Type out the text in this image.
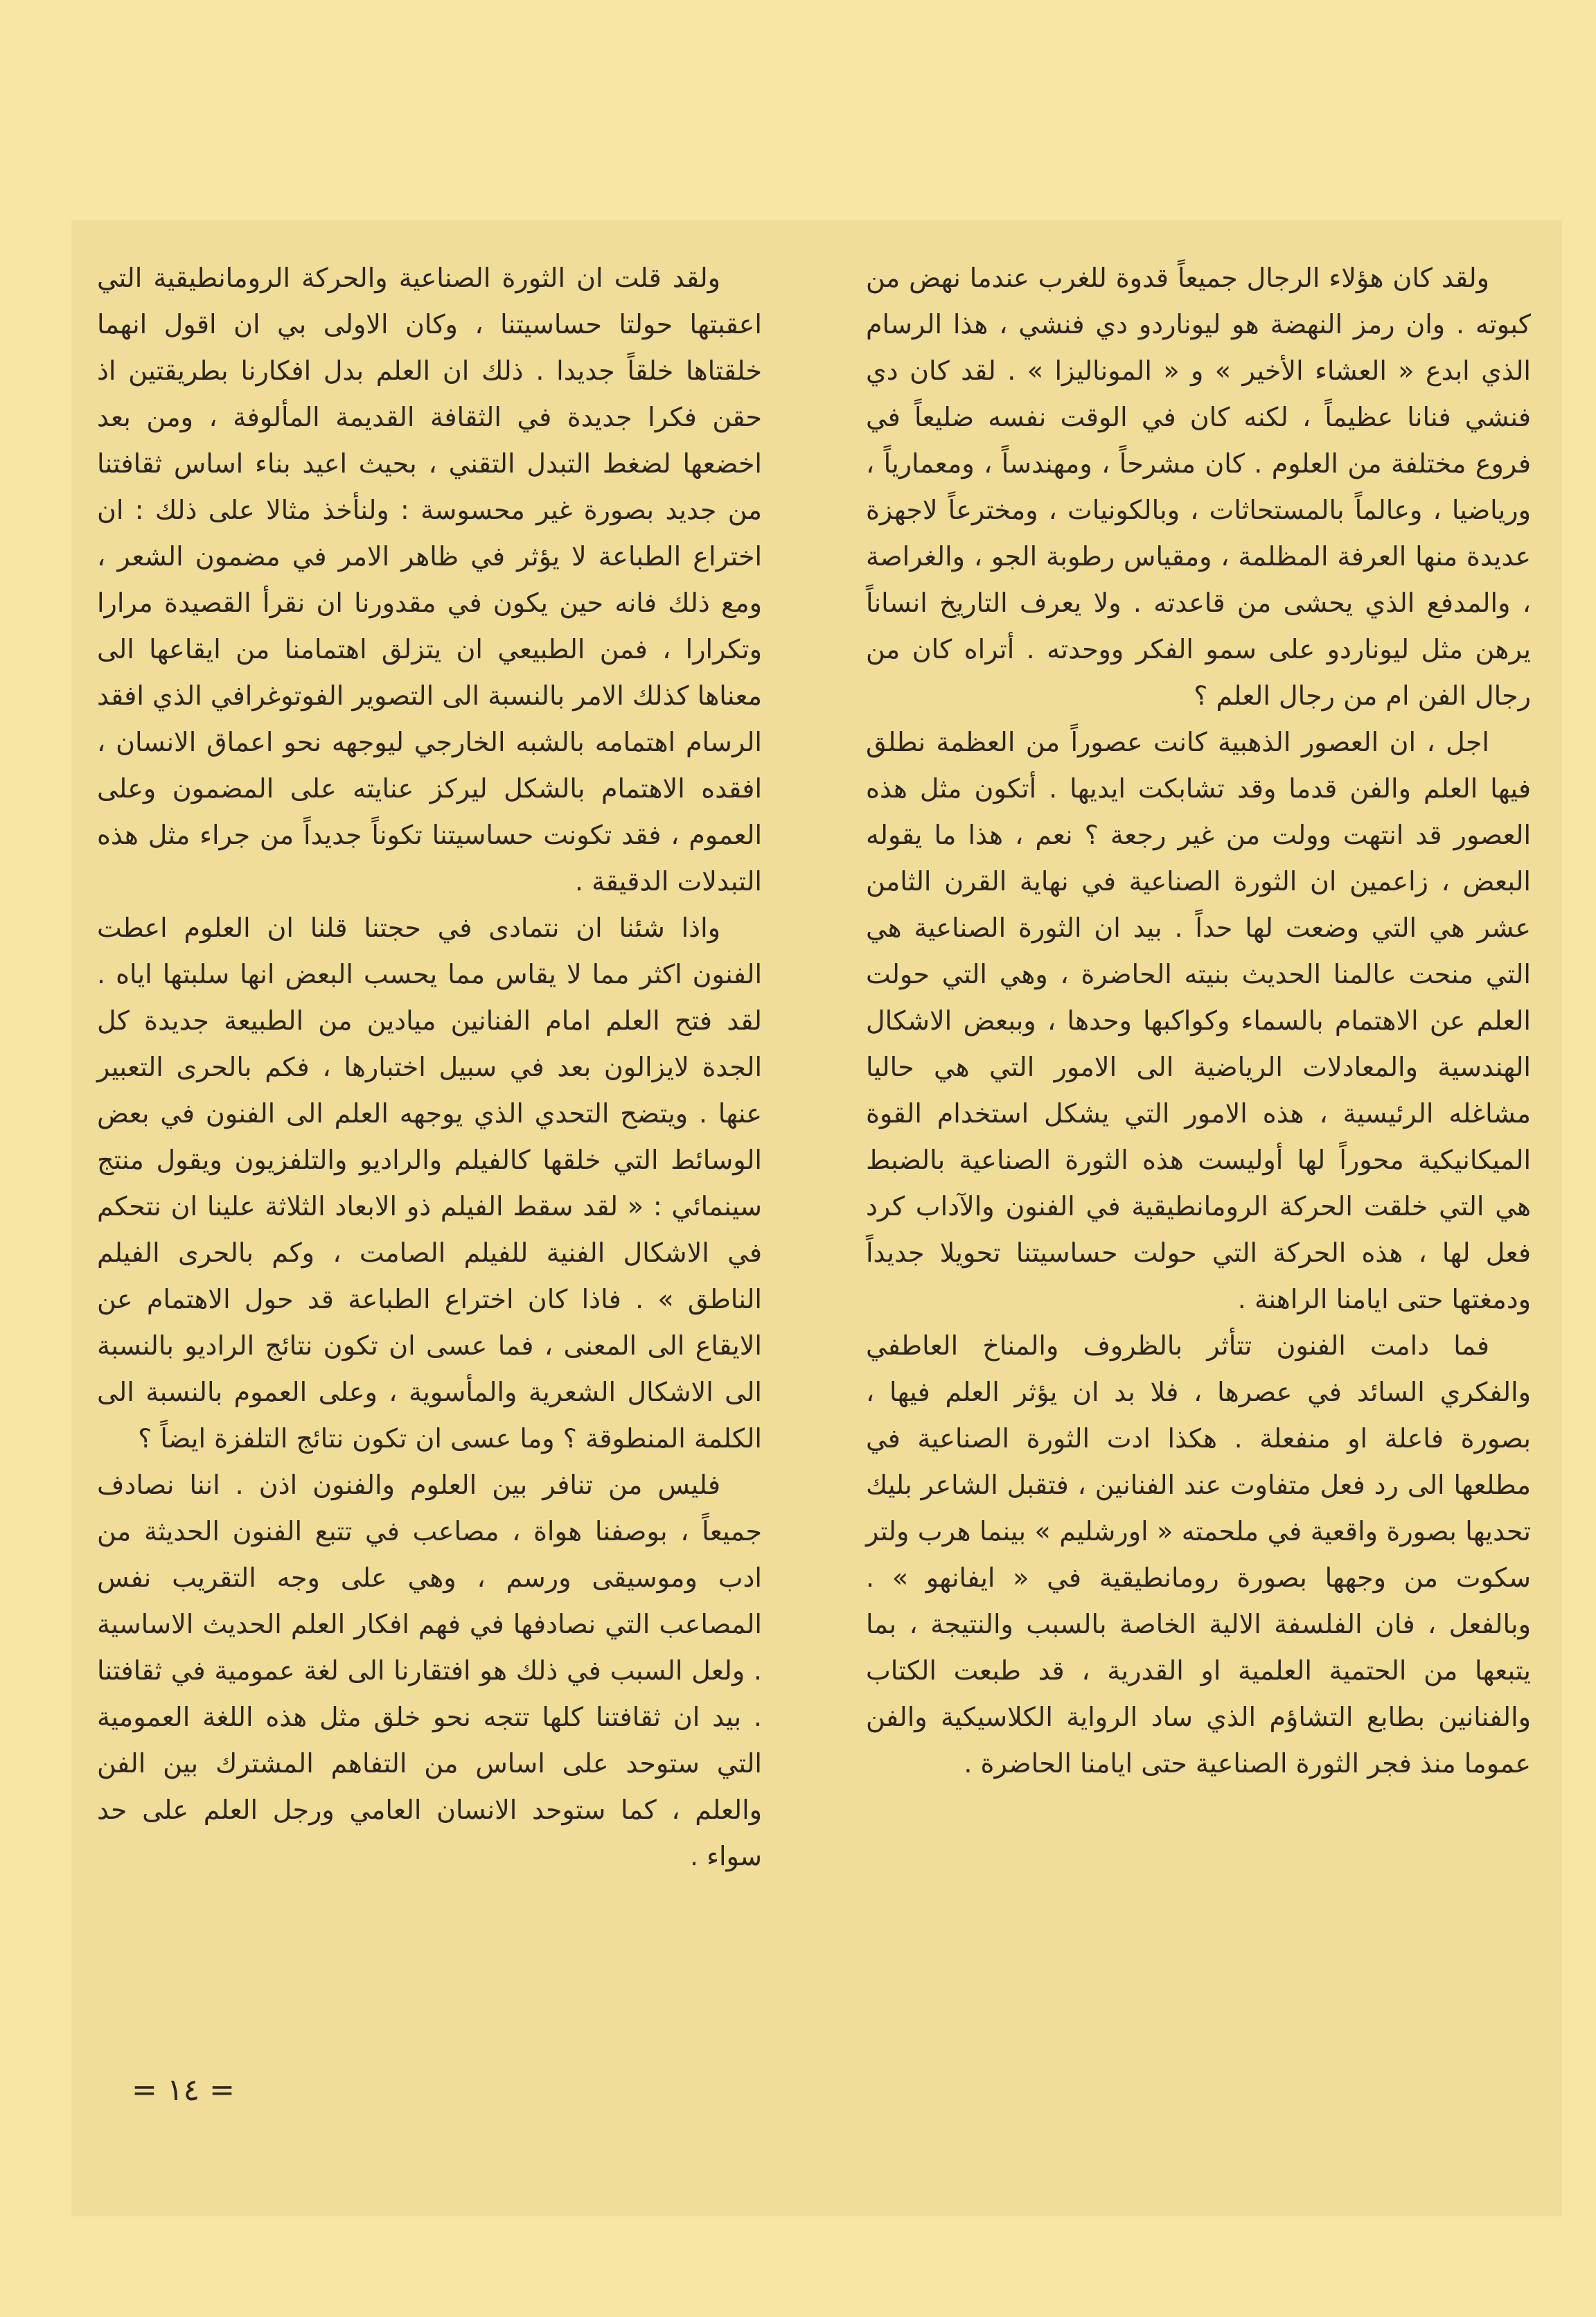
ولقد كان هؤلاء الرجال جميعاً قدوة للغرب عندما نهض من كبوته . وان رمز النهضة هو ليوناردو دي فنشي ، هذا الرسام الذي ابدع « العشاء الأخير » و « الموناليزا » . لقد كان دي فنشي فنانا عظيماً ، لكنه كان في الوقت نفسه ضليعاً في فروع مختلفة من العلوم . كان مشرحاً ، ومهندساً ، ومعمارياً ، ورياضيا ، وعالماً بالمستحاثات ، وبالكونيات ، ومخترعاً لاجهزة عديدة منها العرفة المظلمة ، ومقياس رطوبة الجو ، والغراصة ، والمدفع الذي يحشى من قاعدته . ولا يعرف التاريخ انساناً يرهن مثل ليوناردو على سمو الفكر ووحدته . أتراه كان من رجال الفن ام من رجال العلم ؟

اجل ، ان العصور الذهبية كانت عصوراً من العظمة نطلق فيها العلم والفن قدما وقد تشابكت ايديها . أتكون مثل هذه العصور قد انتهت وولت من غير رجعة ؟ نعم ، هذا ما يقوله البعض ، زاعمين ان الثورة الصناعية في نهاية القرن الثامن عشر هي التي وضعت لها حداً . بيد ان الثورة الصناعية هي التي منحت عالمنا الحديث بنيته الحاضرة ، وهي التي حولت العلم عن الاهتمام بالسماء وكواكبها وحدها ، وببعض الاشكال الهندسية والمعادلات الرياضية الى الامور التي هي حاليا مشاغله الرئيسية ، هذه الامور التي يشكل استخدام القوة الميكانيكية محوراً لها أوليست هذه الثورة الصناعية بالضبط هي التي خلقت الحركة الرومانطيقية في الفنون والآداب كرد فعل لها ، هذه الحركة التي حولت حساسيتنا تحويلا جديداً ودمغتها حتى ايامنا الراهنة .

فما دامت الفنون تتأثر بالظروف والمناخ العاطفي والفكري السائد في عصرها ، فلا بد ان يؤثر العلم فيها ، بصورة فاعلة او منفعلة . هكذا ادت الثورة الصناعية في مطلعها الى رد فعل متفاوت عند الفنانين ، فتقبل الشاعر بليك تحديها بصورة واقعية في ملحمته « اورشليم » بينما هرب ولتر سكوت من وجهها بصورة رومانطيقية في « ايفانهو » . وبالفعل ، فان الفلسفة الالية الخاصة بالسبب والنتيجة ، بما يتبعها من الحتمية العلمية او القدرية ، قد طبعت الكتاب والفنانين بطابع التشاؤم الذي ساد الرواية الكلاسيكية والفن عموما منذ فجر الثورة الصناعية حتى ايامنا الحاضرة .

ولقد قلت ان الثورة الصناعية والحركة الرومانطيقية التي اعقبتها حولتا حساسيتنا ، وكان الاولى بي ان اقول انهما خلقتاها خلقاً جديدا . ذلك ان العلم بدل افكارنا بطريقتين اذ حقن فكرا جديدة في الثقافة القديمة المألوفة ، ومن بعد اخضعها لضغط التبدل التقني ، بحيث اعيد بناء اساس ثقافتنا من جديد بصورة غير محسوسة : ولنأخذ مثالا على ذلك : ان اختراع الطباعة لا يؤثر في ظاهر الامر في مضمون الشعر ، ومع ذلك فانه حين يكون في مقدورنا ان نقرأ القصيدة مرارا وتكرارا ، فمن الطبيعي ان يتزلق اهتمامنا من ايقاعها الى معناها كذلك الامر بالنسبة الى التصوير الفوتوغرافي الذي افقد الرسام اهتمامه بالشبه الخارجي ليوجهه نحو اعماق الانسان ، افقده الاهتمام بالشكل ليركز عنايته على المضمون وعلى العموم ، فقد تكونت حساسيتنا تكوناً جديداً من جراء مثل هذه التبدلات الدقيقة .

واذا شئنا ان نتمادى في حجتنا قلنا ان العلوم اعطت الفنون اكثر مما لا يقاس مما يحسب البعض انها سلبتها اياه . لقد فتح العلم امام الفنانين ميادين من الطبيعة جديدة كل الجدة لايزالون بعد في سبيل اختبارها ، فكم بالحرى التعبير عنها . ويتضح التحدي الذي يوجهه العلم الى الفنون في بعض الوسائط التي خلقها كالفيلم والراديو والتلفزيون ويقول منتج سينمائي : « لقد سقط الفيلم ذو الابعاد الثلاثة علينا ان نتحكم في الاشكال الفنية للفيلم الصامت ، وكم بالحرى الفيلم الناطق » . فاذا كان اختراع الطباعة قد حول الاهتمام عن الايقاع الى المعنى ، فما عسى ان تكون نتائج الراديو بالنسبة الى الاشكال الشعرية والمأسوية ، وعلى العموم بالنسبة الى الكلمة المنطوقة ؟ وما عسى ان تكون نتائج التلفزة ايضاً ؟

فليس من تنافر بين العلوم والفنون اذن . اننا نصادف جميعاً ، بوصفنا هواة ، مصاعب في تتبع الفنون الحديثة من ادب وموسيقى ورسم ، وهي على وجه التقريب نفس المصاعب التي نصادفها في فهم افكار العلم الحديث الاساسية . ولعل السبب في ذلك هو افتقارنا الى لغة عمومية في ثقافتنا . بيد ان ثقافتنا كلها تتجه نحو خلق مثل هذه اللغة العمومية التي ستوحد على اساس من التفاهم المشترك بين الفن والعلم ، كما ستوحد الانسان العامي ورجل العلم على حد سواء .

= ١٤ =
